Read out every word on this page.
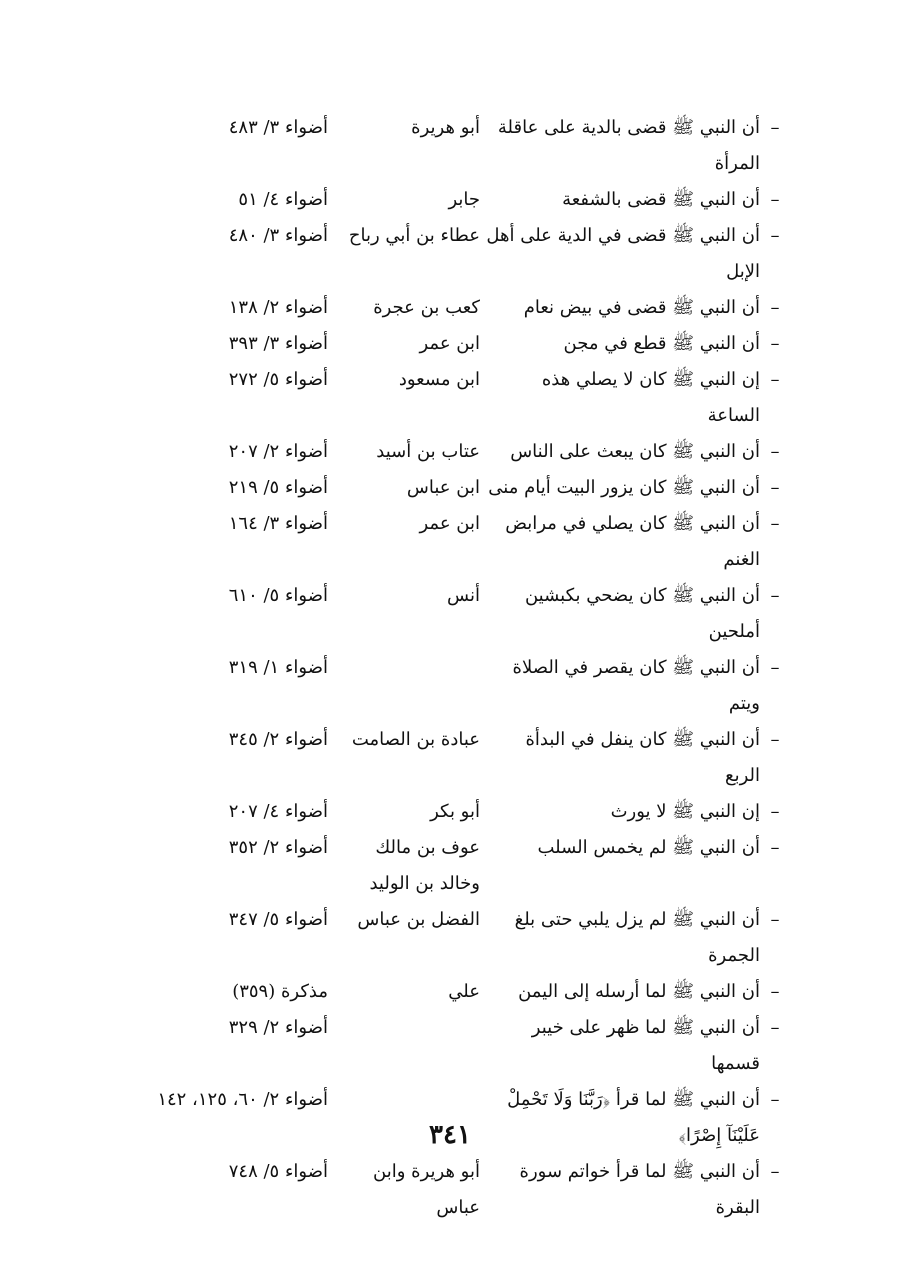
–
أن النبي ﷺ قضى بالدية على عاقلة المرأة
أبو هريرة
أضواء ٣/ ٤٨٣
–
أن النبي ﷺ قضى بالشفعة
جابر
أضواء ٤/ ٥١
–
أن النبي ﷺ قضى في الدية على أهل الإبل
عطاء بن أبي رباح
أضواء ٣/ ٤٨٠
–
أن النبي ﷺ قضى في بيض نعام
كعب بن عجرة
أضواء ٢/ ١٣٨
–
أن النبي ﷺ قطع في مجن
ابن عمر
أضواء ٣/ ٣٩٣
–
إن النبي ﷺ كان لا يصلي هذه الساعة
ابن مسعود
أضواء ٥/ ٢٧٢
–
أن النبي ﷺ كان يبعث على الناس
عتاب بن أسيد
أضواء ٢/ ٢٠٧
–
أن النبي ﷺ كان يزور البيت أيام منى
ابن عباس
أضواء ٥/ ٢١٩
–
أن النبي ﷺ كان يصلي في مرابض الغنم
ابن عمر
أضواء ٣/ ١٦٤
–
أن النبي ﷺ كان يضحي بكبشين أملحين
أنس
أضواء ٥/ ٦١٠
–
أن النبي ﷺ كان يقصر في الصلاة ويتم
أضواء ١/ ٣١٩
–
أن النبي ﷺ كان ينفل في البدأة الربع
عبادة بن الصامت
أضواء ٢/ ٣٤٥
–
إن النبي ﷺ لا يورث
أبو بكر
أضواء ٤/ ٢٠٧
–
أن النبي ﷺ لم يخمس السلب
عوف بن مالك وخالد بن الوليد
أضواء ٢/ ٣٥٢
–
أن النبي ﷺ لم يزل يلبي حتى بلغ الجمرة
الفضل بن عباس
أضواء ٥/ ٣٤٧
–
أن النبي ﷺ لما أرسله إلى اليمن
علي
مذكرة (٣٥٩)
–
أن النبي ﷺ لما ظهر على خيبر قسمها
أضواء ٢/ ٣٢٩
–
أن النبي ﷺ لما قرأ ﴿رَبَّنَا وَلَا تَحْمِلْ عَلَيْنَآ إِصْرًا﴾
أضواء ٢/ ٦٠، ١٢٥، ١٤٢
–
أن النبي ﷺ لما قرأ خواتم سورة البقرة
أبو هريرة وابن عباس
أضواء ٥/ ٧٤٨
٣٤١
